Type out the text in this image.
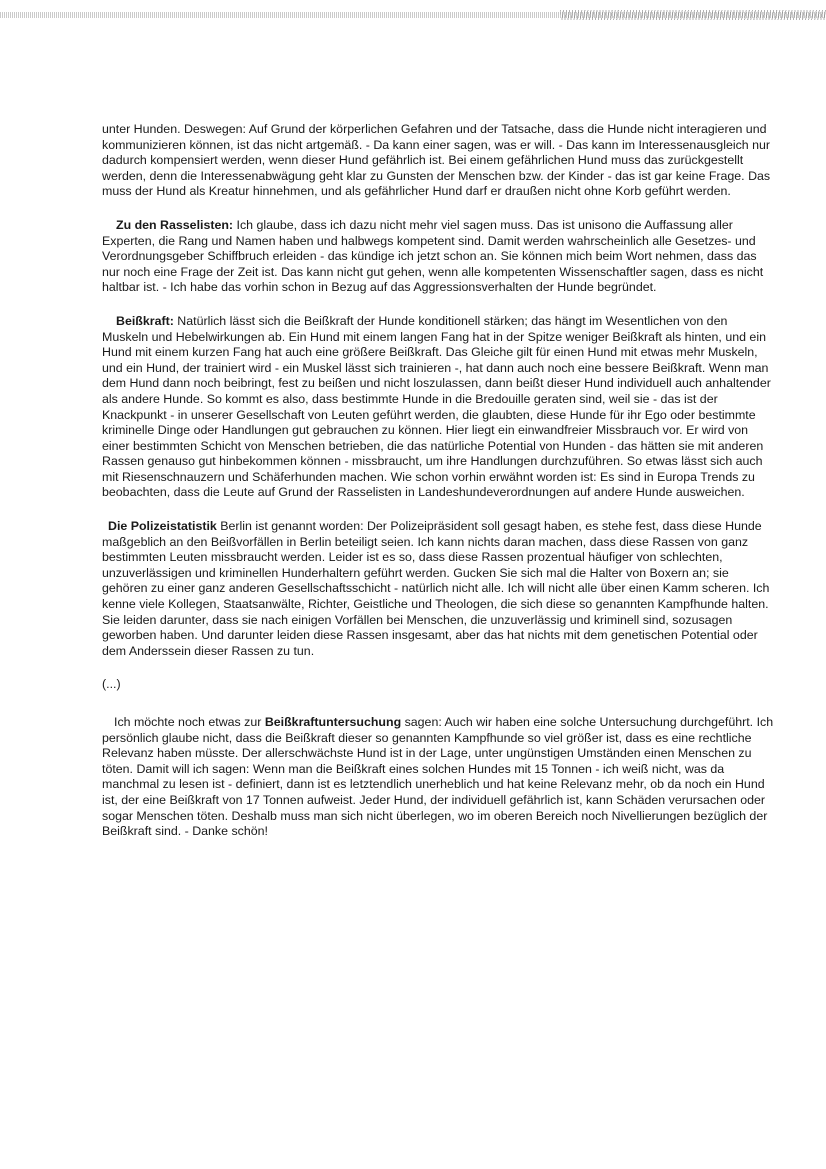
unter Hunden. Deswegen: Auf Grund der körperlichen Gefahren und der Tatsache, dass die Hunde nicht interagieren und kommunizieren können, ist das nicht artgemäß. - Da kann einer sagen, was er will. - Das kann im Interessenausgleich nur dadurch kompensiert werden, wenn dieser Hund gefährlich ist. Bei einem gefährlichen Hund muss das zurückgestellt werden, denn die Interessenabwägung geht klar zu Gunsten der Menschen bzw. der Kinder - das ist gar keine Frage. Das muss der Hund als Kreatur hinnehmen, und als gefährlicher Hund darf er draußen nicht ohne Korb geführt werden.

Zu den Rasselisten: Ich glaube, dass ich dazu nicht mehr viel sagen muss. Das ist unisono die Auffassung aller Experten, die Rang und Namen haben und halbwegs kompetent sind. Damit werden wahrscheinlich alle Gesetzes- und Verordnungsgeber Schiffbruch erleiden - das kündige ich jetzt schon an. Sie können mich beim Wort nehmen, dass das nur noch eine Frage der Zeit ist. Das kann nicht gut gehen, wenn alle kompetenten Wissenschaftler sagen, dass es nicht haltbar ist. - Ich habe das vorhin schon in Bezug auf das Aggressionsverhalten der Hunde begründet.

Beißkraft: Natürlich lässt sich die Beißkraft der Hunde konditionell stärken; das hängt im Wesentlichen von den Muskeln und Hebelwirkungen ab. Ein Hund mit einem langen Fang hat in der Spitze weniger Beißkraft als hinten, und ein Hund mit einem kurzen Fang hat auch eine größere Beißkraft. Das Gleiche gilt für einen Hund mit etwas mehr Muskeln, und ein Hund, der trainiert wird - ein Muskel lässt sich trainieren -, hat dann auch noch eine bessere Beißkraft. Wenn man dem Hund dann noch beibringt, fest zu beißen und nicht loszulassen, dann beißt dieser Hund individuell auch anhaltender als andere Hunde. So kommt es also, dass bestimmte Hunde in die Bredouille geraten sind, weil sie - das ist der Knackpunkt - in unserer Gesellschaft von Leuten geführt werden, die glaubten, diese Hunde für ihr Ego oder bestimmte kriminelle Dinge oder Handlungen gut gebrauchen zu können. Hier liegt ein einwandfreier Missbrauch vor. Er wird von einer bestimmten Schicht von Menschen betrieben, die das natürliche Potential von Hunden - das hätten sie mit anderen Rassen genauso gut hinbekommen können - missbraucht, um ihre Handlungen durchzuführen. So etwas lässt sich auch mit Riesenschnauzern und Schäferhunden machen. Wie schon vorhin erwähnt worden ist: Es sind in Europa Trends zu beobachten, dass die Leute auf Grund der Rasselisten in Landeshundeverordnungen auf andere Hunde ausweichen.

Die Polizeistatistik Berlin ist genannt worden: Der Polizeipräsident soll gesagt haben, es stehe fest, dass diese Hunde maßgeblich an den Beißvorfällen in Berlin beteiligt seien. Ich kann nichts daran machen, dass diese Rassen von ganz bestimmten Leuten missbraucht werden. Leider ist es so, dass diese Rassen prozentual häufiger von schlechten, unzuverlässigen und kriminellen Hunderhaltern geführt werden. Gucken Sie sich mal die Halter von Boxern an; sie gehören zu einer ganz anderen Gesellschaftsschicht - natürlich nicht alle. Ich will nicht alle über einen Kamm scheren. Ich kenne viele Kollegen, Staatsanwälte, Richter, Geistliche und Theologen, die sich diese so genannten Kampfhunde halten. Sie leiden darunter, dass sie nach einigen Vorfällen bei Menschen, die unzuverlässig und kriminell sind, sozusagen geworben haben. Und darunter leiden diese Rassen insgesamt, aber das hat nichts mit dem genetischen Potential oder dem Anderssein dieser Rassen zu tun.

(...)

Ich möchte noch etwas zur Beißkraftuntersuchung sagen: Auch wir haben eine solche Untersuchung durchgeführt. Ich persönlich glaube nicht, dass die Beißkraft dieser so genannten Kampfhunde so viel größer ist, dass es eine rechtliche Relevanz haben müsste. Der allerschwächste Hund ist in der Lage, unter ungünstigen Umständen einen Menschen zu töten. Damit will ich sagen: Wenn man die Beißkraft eines solchen Hundes mit 15 Tonnen - ich weiß nicht, was da manchmal zu lesen ist - definiert, dann ist es letztendlich unerheblich und hat keine Relevanz mehr, ob da noch ein Hund ist, der eine Beißkraft von 17 Tonnen aufweist. Jeder Hund, der individuell gefährlich ist, kann Schäden verursachen oder sogar Menschen töten. Deshalb muss man sich nicht überlegen, wo im oberen Bereich noch Nivellierungen bezüglich der Beißkraft sind. - Danke schön!
